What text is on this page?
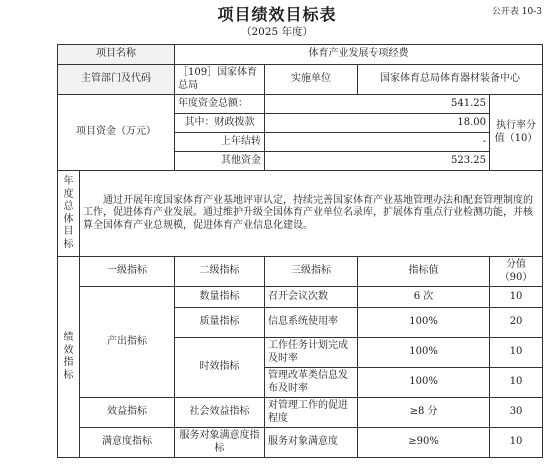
项目绩效目标表	公开表 10-3
（2025 年度）
项目名称		体育产业发展专项经费			
主管部门及代码		［109］国家体育总局	实施单位	国家体育总局体育器材装备中心	
项目资金（万元）		年度资金总额：	541.25		执行率分值（10）
		其中：财政拨款	18.00		
		上年结转	-		
		其他资金	523.25		
年度总体目标	通过开展年度国家体育产业基地评审认定，持续完善国家体育产业基地管理办法和配套管理制度的工作，促进体育产业发展。通过维护升级全国体育产业单位名录库，扩展体育重点行业检测功能，并核算全国体育产业总规模，促进体育产业信息化建设。				
绩效指标	一级指标	二级指标	三级指标	指标值	分值（90）
	产出指标	数量指标	召开会议次数	6 次	10
		质量指标	信息系统使用率	100%	20
		时效指标	工作任务计划完成及时率	100%	10
			管理改革类信息发布及时率	100%	10
	效益指标	社会效益指标	对管理工作的促进程度	≥8 分	30
	满意度指标	服务对象满意度指标	服务对象满意度	≥90%	10
